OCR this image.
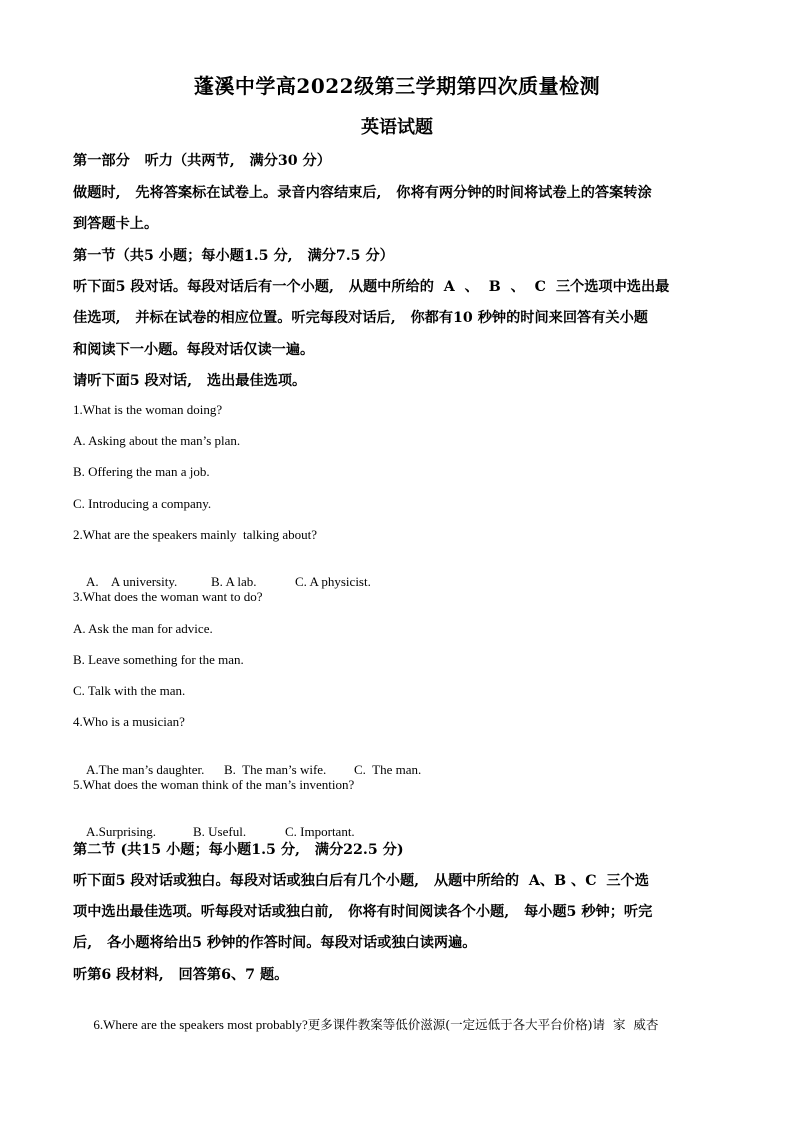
蓬溪中学高2022级第三学期第四次质量检测
英语试题
第一部分   听力（共两节,   满分30 分）
做题时,   先将答案标在试卷上。录音内容结束后,   你将有两分钟的时间将试卷上的答案转涂
到答题卡上。
第一节（共5 小题；每小题1.5 分,   满分7.5 分）
听下面5 段对话。每段对话后有一个小题,   从题中所给的  A  、  B  、  C  三个选项中选出最
佳选项,   并标在试卷的相应位置。听完每段对话后,   你都有10 秒钟的时间来回答有关小题
和阅读下一小题。每段对话仅读一遍。
请听下面5 段对话,   选出最佳选项。
1.What is the woman doing?
A. Asking about the man’s plan.
B. Offering the man a job.
C. Introducing a company.
2.What are the speakers mainly  talking about?

A.    A university.	B. A lab.	C. A physicist.

3.What does the woman want to do?
A. Ask the man for advice.
B. Leave something for the man.
C. Talk with the man.
4.Who is a musician?

A.The man’s daughter. B.  The man’s wife. C.  The man.

5.What does the woman think of the man’s invention?

A.Surprising.	B. Useful.	C. Important.

第二节 (共15 小题；每小题1.5 分,   满分22.5 分)
听下面5 段对话或独白。每段对话或独白后有几个小题,   从题中所给的  A、B 、C  三个选
项中选出最佳选项。听每段对话或独白前,   你将有时间阅读各个小题,   每小题5 秒钟；听完
后,   各小题将给出5 秒钟的作答时间。每段对话或独白读两遍。
听第6 段材料,   回答第6、7 题。

6.Where are the speakers most probably?更多课件教案等低价滋源(一定远低于各大平台价格)请  家  威杏
